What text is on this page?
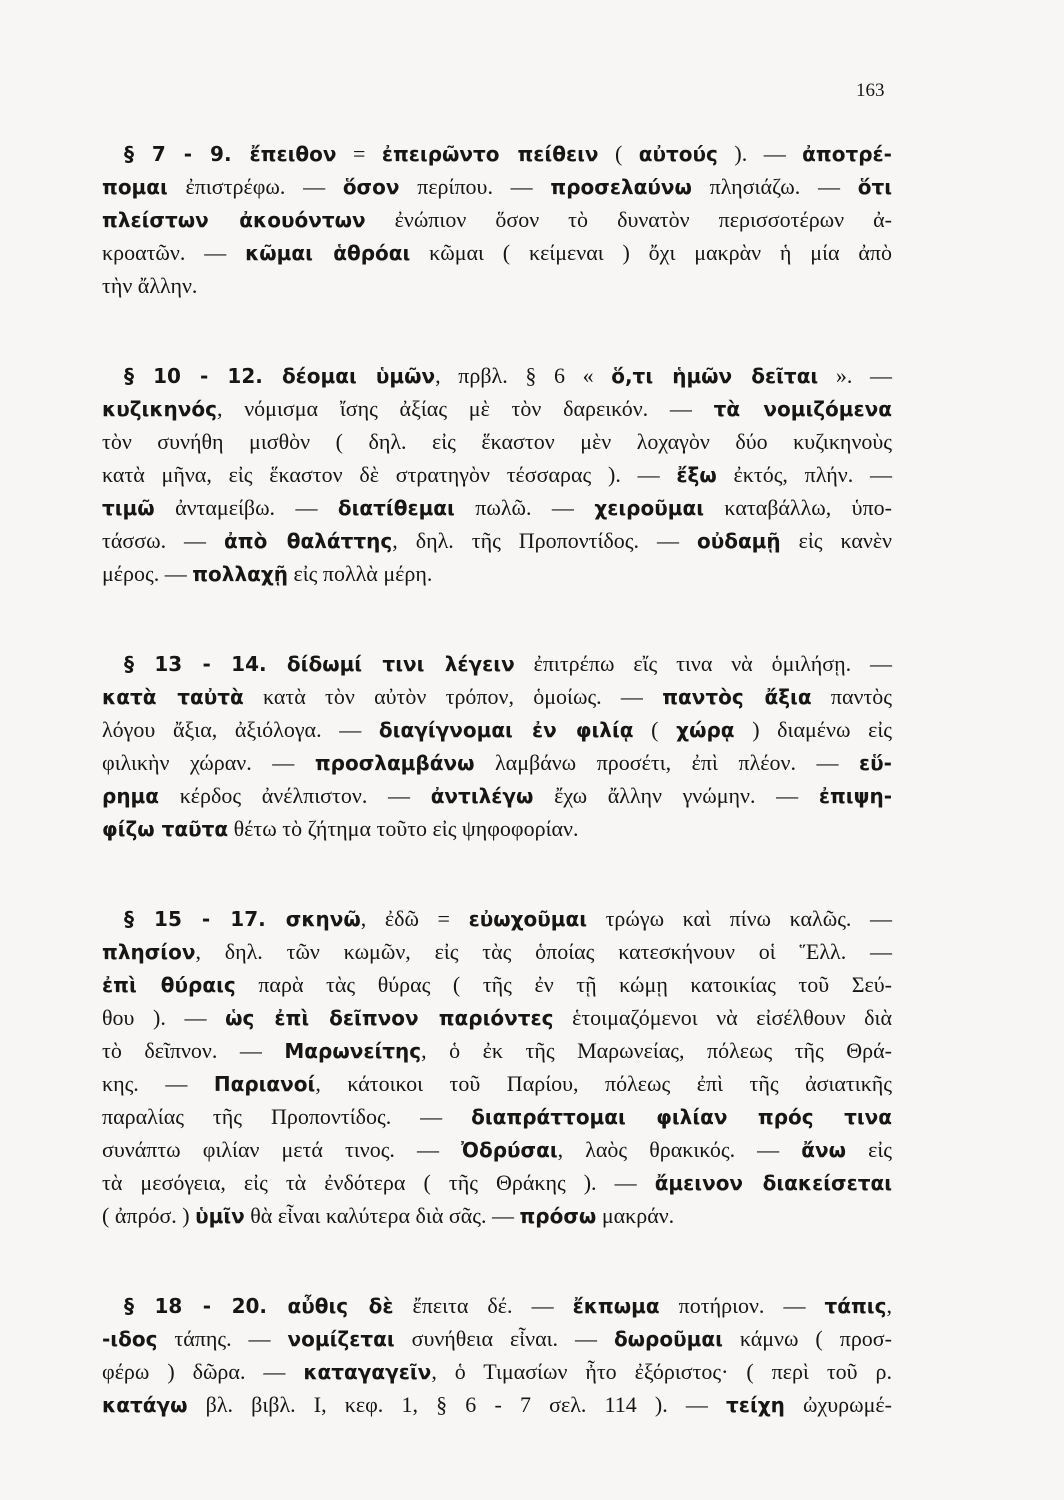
163
§ 7 - 9. ἔπειθον = ἐπειρῶντο πείθειν ( αὐτούς ). — ἀποτρέ-
πομαι ἐπιστρέφω. — ὅσον περίπου. — προσελαύνω πλησιάζω. — ὅτι
πλείστων ἀκουόντων ἐνώπιον ὅσον τὸ δυνατὸν περισσοτέρων ἀ-
κροατῶν. — κῶμαι ἁθρόαι κῶμαι ( κείμεναι ) ὄχι μακρὰν ἡ μία ἀπὸ
τὴν ἄλλην.
§ 10 - 12. δέομαι ὑμῶν, πρβλ. § 6 « ὅ,τι ἡμῶν δεῖται ». —
κυζικηνός, νόμισμα ἴσης ἀξίας μὲ τὸν δαρεικόν. — τὰ νομιζόμενα
τὸν συνήθη μισθὸν ( δηλ. εἰς ἕκαστον μὲν λοχαγὸν δύο κυζικηνοὺς
κατὰ μῆνα, εἰς ἕκαστον δὲ στρατηγὸν τέσσαρας ). — ἔξω ἐκτός, πλήν. —
τιμῶ ἀνταμείβω. — διατίθεμαι πωλῶ. — χειροῦμαι καταβάλλω, ὑπο-
τάσσω. — ἀπὸ θαλάττης, δηλ. τῆς Προποντίδος. — οὐδαμῇ εἰς κανὲν
μέρος. — πολλαχῇ εἰς πολλὰ μέρη.
§ 13 - 14. δίδωμί τινι λέγειν ἐπιτρέπω εἴς τινα νὰ ὁμιλήσῃ. —
κατὰ ταὐτὰ κατὰ τὸν αὐτὸν τρόπον, ὁμοίως. — παντὸς ἄξια παντὸς
λόγου ἄξια, ἀξιόλογα. — διαγίγνομαι ἐν φιλίᾳ ( χώρᾳ ) διαμένω εἰς
φιλικὴν χώραν. — προσλαμβάνω λαμβάνω προσέτι, ἐπὶ πλέον. — εὕ-
ρημα κέρδος ἀνέλπιστον. — ἀντιλέγω ἔχω ἄλλην γνώμην. — ἐπιψη-
φίζω ταῦτα θέτω τὸ ζήτημα τοῦτο εἰς ψηφοφορίαν.
§ 15 - 17. σκηνῶ, ἐδῶ = εὐωχοῦμαι τρώγω καὶ πίνω καλῶς. —
πλησίον, δηλ. τῶν κωμῶν, εἰς τὰς ὁποίας κατεσκήνουν οἱ Ἕλλ. —
ἐπὶ θύραις παρὰ τὰς θύρας ( τῆς ἐν τῇ κώμῃ κατοικίας τοῦ Σεύ-
θου ). — ὡς ἐπὶ δεῖπνον παριόντες ἑτοιμαζόμενοι νὰ εἰσέλθουν διὰ
τὸ δεῖπνον. — Μαρωνείτης, ὁ ἐκ τῆς Μαρωνείας, πόλεως τῆς Θρά-
κης. — Παριανοί, κάτοικοι τοῦ Παρίου, πόλεως ἐπὶ τῆς ἀσιατικῆς
παραλίας τῆς Προποντίδος. — διαπράττομαι φιλίαν πρός τινα
συνάπτω φιλίαν μετά τινος. — Ὀδρύσαι, λαὸς θρακικός. — ἄνω εἰς
τὰ μεσόγεια, εἰς τὰ ἐνδότερα ( τῆς Θράκης ). — ἄμεινον διακείσεται
( ἀπρόσ. ) ὑμῖν θὰ εἶναι καλύτερα διὰ σᾶς. — πρόσω μακράν.
§ 18 - 20. αὖθις δὲ ἔπειτα δέ. — ἔκπωμα ποτήριον. — τάπις,
-ιδος τάπης. — νομίζεται συνήθεια εἶναι. — δωροῦμαι κάμνω ( προσ-
φέρω ) δῶρα. — καταγαγεῖν, ὁ Τιμασίων ἦτο ἐξόριστος· ( περὶ τοῦ ρ.
κατάγω βλ. βιβλ. I, κεφ. 1, § 6 - 7 σελ. 114 ). — τείχη ὠχυρωμέ-
